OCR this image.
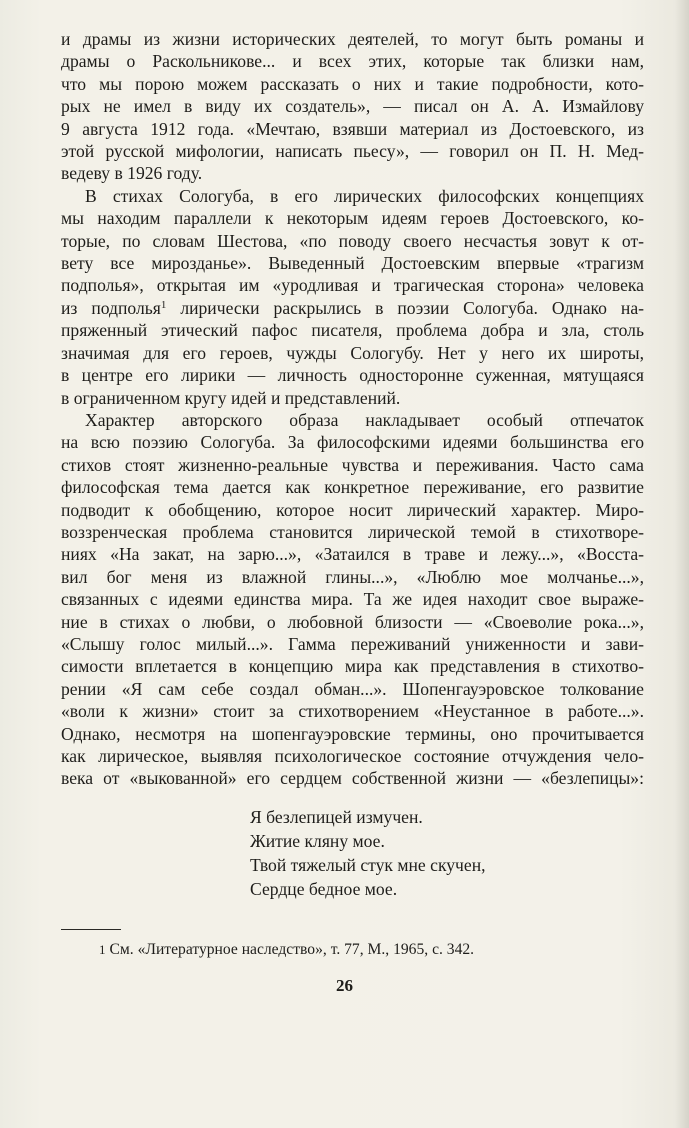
и драмы из жизни исторических деятелей, то могут быть романы и
драмы о Раскольникове... и всех этих, которые так близки нам,
что мы порою можем рассказать о них и такие подробности, кото-
рых не имел в виду их создатель», — писал он А. А. Измайлову
9 августа 1912 года. «Мечтаю, взявши материал из Достоевского, из
этой русской мифологии, написать пьесу», — говорил он П. Н. Мед-
ведеву в 1926 году.

В стихах Сологуба, в его лирических философских концепциях
мы находим параллели к некоторым идеям героев Достоевского, ко-
торые, по словам Шестова, «по поводу своего несчастья зовут к от-
вету все мирозданье». Выведенный Достоевским впервые «трагизм
подполья», открытая им «уродливая и трагическая сторона» человека
из подполья$^1$ лирически раскрылись в поэзии Сологуба. Однако на-
пряженный этический пафос писателя, проблема добра и зла, столь
значимая для его героев, чужды Сологубу. Нет у него их широты,
в центре его лирики — личность односторонне суженная, мятущаяся
в ограниченном кругу идей и представлений.

Характер авторского образа накладывает особый отпечаток
на всю поэзию Сологуба. За философскими идеями большинства его
стихов стоят жизненно-реальные чувства и переживания. Часто сама
философская тема дается как конкретное переживание, его развитие
подводит к обобщению, которое носит лирический характер. Миро-
воззренческая проблема становится лирической темой в стихотворе-
ниях «На закат, на зарю...», «Затаился в траве и лежу...», «Восста-
вил бог меня из влажной глины...», «Люблю мое молчанье...»,
связанных с идеями единства мира. Та же идея находит свое выраже-
ние в стихах о любви, о любовной близости — «Своеволие рока...»,
«Слышу голос милый...». Гамма переживаний униженности и зави-
симости вплетается в концепцию мира как представления в стихотво-
рении «Я сам себе создал обман...». Шопенгауэровское толкование
«воли к жизни» стоит за стихотворением «Неустанное в работе...».
Однако, несмотря на шопенгауэровские термины, оно прочитывается
как лирическое, выявляя психологическое состояние отчуждения чело-
века от «выкованной» его сердцем собственной жизни — «безлепицы»:

Я безлепицей измучен.
Житие кляну мое.
Твой тяжелый стук мне скучен,
Сердце бедное мое.
1 См. «Литературное наследство», т. 77, М., 1965, с. 342.
26
